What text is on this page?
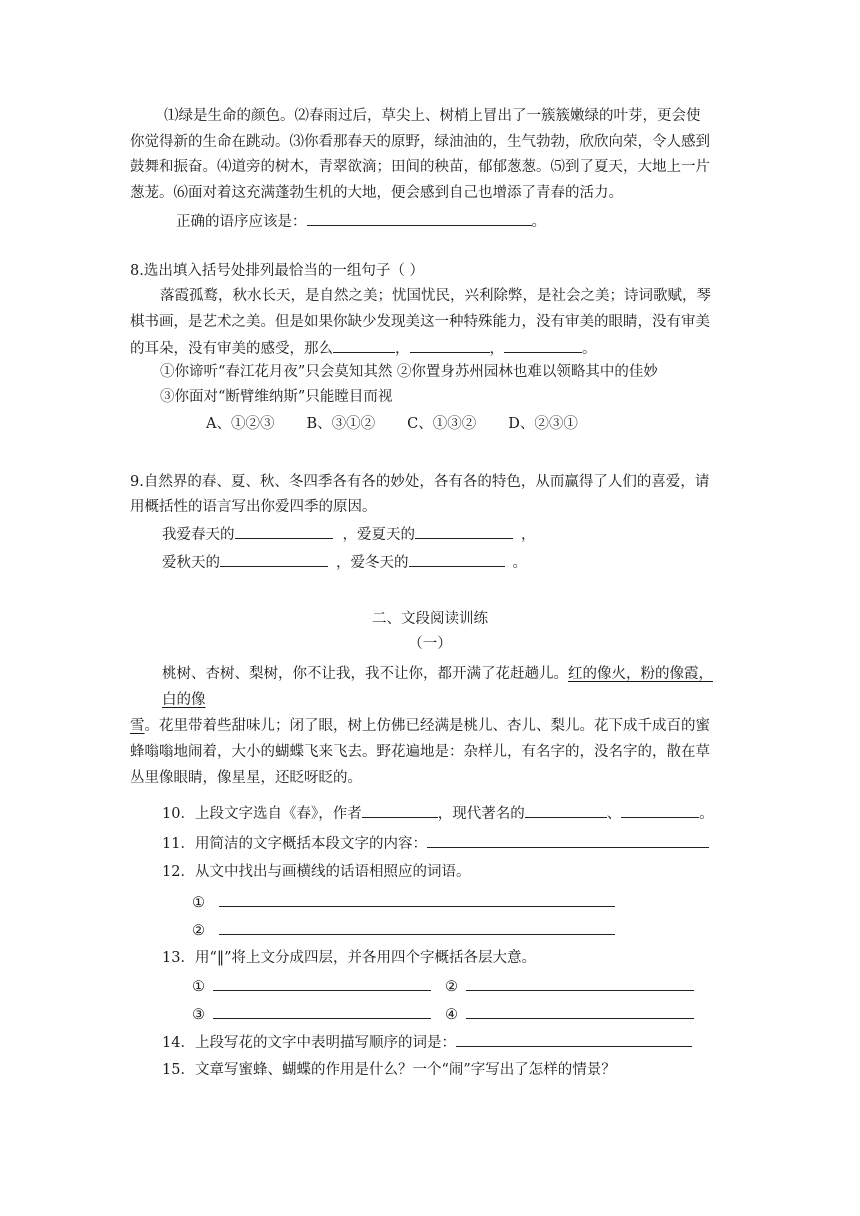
⑴绿是生命的颜色。⑵春雨过后，草尖上、树梢上冒出了一簇簇嫩绿的叶芽，更会使
你觉得新的生命在跳动。⑶你看那春天的原野，绿油油的，生气勃勃，欣欣向荣，令人感到
鼓舞和振奋。⑷道旁的树木，青翠欲滴；田间的秧苗，郁郁葱葱。⑸到了夏天，大地上一片
葱茏。⑹面对着这充满蓬勃生机的大地，便会感到自己也增添了青春的活力。
正确的语序应该是：	。
8.选出填入括号处排列最恰当的一组句子（ ）
落霞孤鹜，秋水长天，是自然之美；忧国忧民，兴利除弊，是社会之美；诗词歌赋，琴
棋书画，是艺术之美。但是如果你缺少发现美这一种特殊能力，没有审美的眼睛，没有审美
的耳朵，没有审美的感受，那么	，	，	。
①你谛听“春江花月夜”只会莫知其然 ②你置身苏州园林也难以领略其中的佳妙
③你面对“断臂维纳斯”只能瞠目而视
A、①②③ B、③①② C、①③② D、②③①
9.自然界的春、夏、秋、冬四季各有各的妙处，各有各的特色，从而赢得了人们的喜爱，请
用概括性的语言写出你爱四季的原因。
我爱春天的	，爱夏天的	，
爱秋天的	，爱冬天的	。
二、文段阅读训练
（一）
桃树、杏树、梨树，你不让我，我不让你，都开满了花赶趟儿。红的像火，粉的像霞，
白的像
雪。花里带着些甜味儿；闭了眼，树上仿佛已经满是桃儿、杏儿、梨儿。花下成千成百的蜜
蜂嗡嗡地闹着，大小的蝴蝶飞来飞去。野花遍地是：杂样儿，有名字的，没名字的，散在草
丛里像眼睛，像星星，还眨呀眨的。
10．上段文字选自《春》，作者	，现代著名的	、	。
11．用简洁的文字概括本段文字的内容：
12．从文中找出与画横线的话语相照应的词语。
①
②
13．用“‖”将上文分成四层，并各用四个字概括各层大意。
①	②
③	④
14．上段写花的文字中表明描写顺序的词是：
15．文章写蜜蜂、蝴蝶的作用是什么？一个“闹”字写出了怎样的情景？
